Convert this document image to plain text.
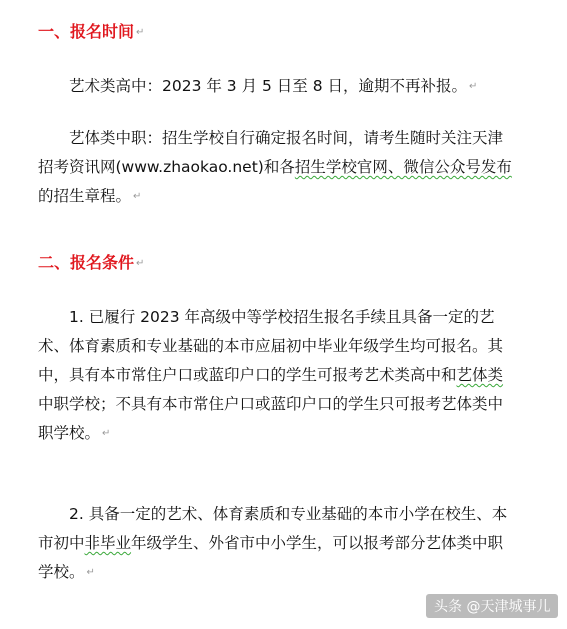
一、报名时间 ↵
艺术类高中：2023 年 3 月 5 日至 8 日，逾期不再补报。 ↵
艺体类中职：招生学校自行确定报名时间，请考生随时关注天津
招考资讯网(www.zhaokao.net)和各招生学校官网、微信公众号发布
的招生章程。 ↵
二、报名条件 ↵
1. 已履行 2023 年高级中等学校招生报名手续且具备一定的艺
术、体育素质和专业基础的本市应届初中毕业年级学生均可报名。其
中，具有本市常住户口或蓝印户口的学生可报考艺术类高中和艺体类
中职学校；不具有本市常住户口或蓝印户口的学生只可报考艺体类中
职学校。 ↵
2. 具备一定的艺术、体育素质和专业基础的本市小学在校生、本
市初中非毕业年级学生、外省市中小学生，可以报考部分艺体类中职
学校。 ↵
头条 @天津城事儿
